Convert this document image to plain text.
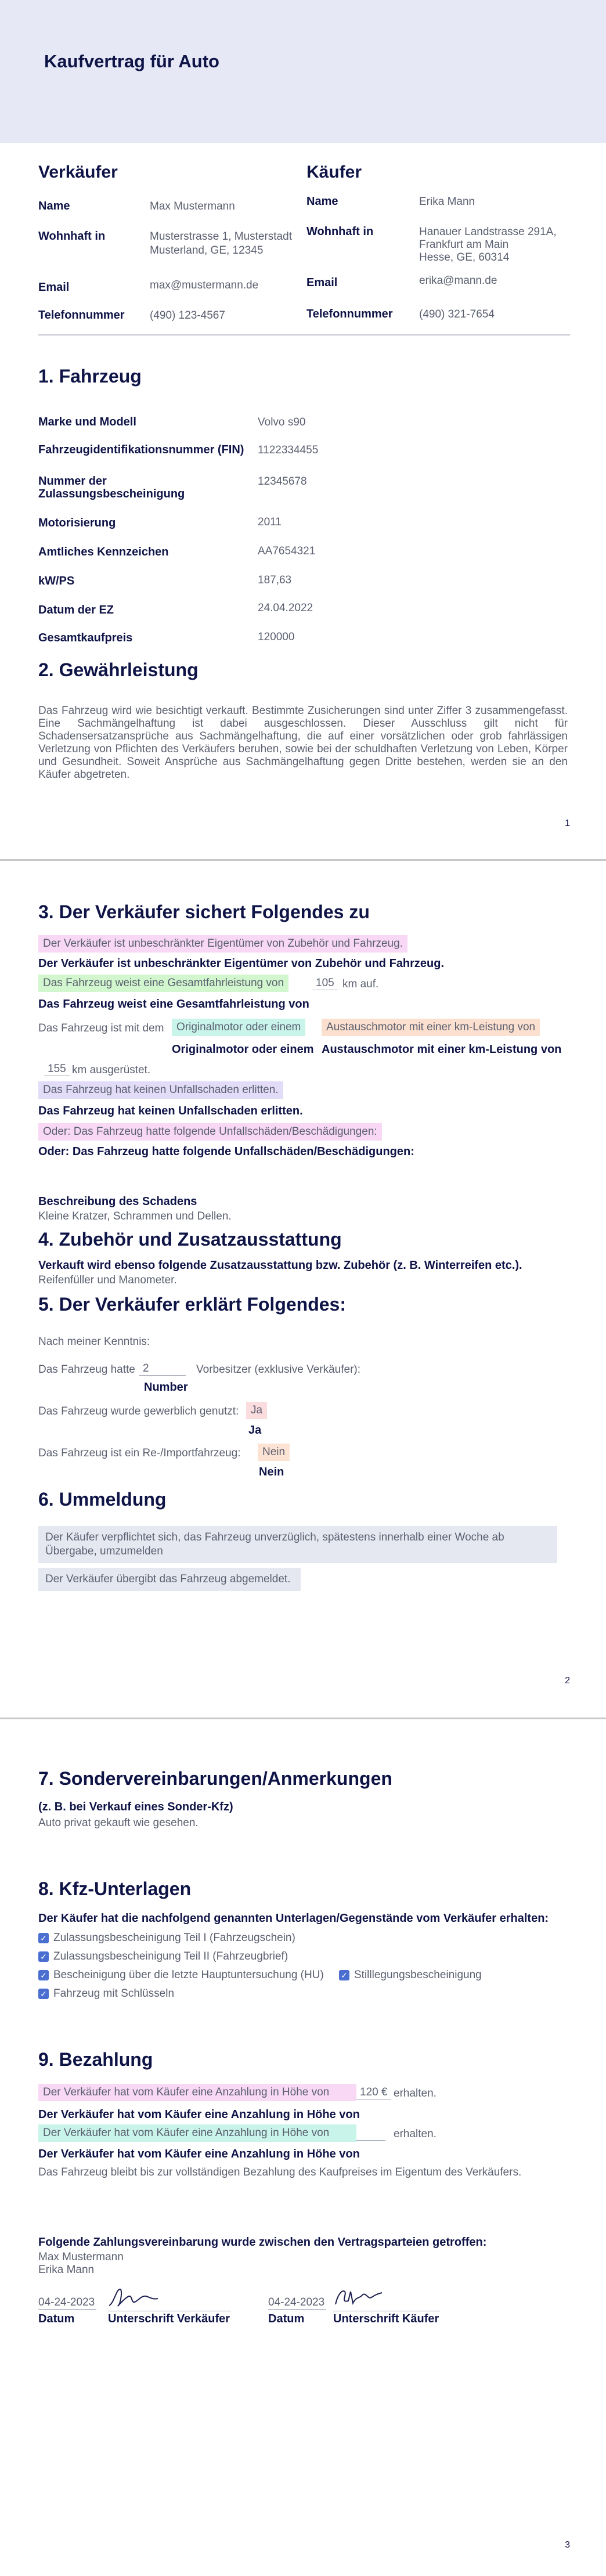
Kaufvertrag für Auto
Verkäufer
Name	Max Mustermann
Wohnhaft in	Musterstrasse 1, Musterstadt
Musterland, GE, 12345
Email	max@mustermann.de
Telefonnummer (490) 123-4567
Käufer
Name	Erika Mann
Wohnhaft in	Hanauer Landstrasse 291A,
Frankfurt am Main
Hesse, GE, 60314
Email	erika@mann.de
Telefonnummer (490) 321-7654
1. Fahrzeug
Marke und Modell	Volvo s90
Fahrzeugidentifikationsnummer (FIN) 1122334455
Nummer der
Zulassungsbescheinigung
12345678
Motorisierung	2011
Amtliches Kennzeichen	AA7654321
kW/PS	187,63
Datum der EZ	24.04.2022
Gesamtkaufpreis	120000
2. Gewährleistung
Das Fahrzeug wird wie besichtigt verkauft. Bestimmte Zusicherungen sind unter Ziffer 3 zusammengefasst. Eine Sachmängelhaftung ist dabei ausgeschlossen. Dieser Ausschluss gilt nicht für Schadensersatzansprüche aus Sachmängelhaftung, die auf einer vorsätzlichen oder grob fahrlässigen Verletzung von Pflichten des Verkäufers beruhen, sowie bei der schuldhaften Verletzung von Leben, Körper und Gesundheit. Soweit Ansprüche aus Sachmängelhaftung gegen Dritte bestehen, werden sie an den Käufer abgetreten.
1
3. Der Verkäufer sichert Folgendes zu
Der Verkäufer ist unbeschränkter Eigentümer von Zubehör und Fahrzeug.
Der Verkäufer ist unbeschränkter Eigentümer von Zubehör und Fahrzeug.
Das Fahrzeug weist eine Gesamtfahrleistung von	105 km auf.
Das Fahrzeug weist eine Gesamtfahrleistung von
Das Fahrzeug ist mit dem	Originalmotor oder einem	Austauschmotor mit einer km-Leistung von
Originalmotor oder einem Austauschmotor mit einer km-Leistung von
155 km ausgerüstet.
Das Fahrzeug hat keinen Unfallschaden erlitten.
Das Fahrzeug hat keinen Unfallschaden erlitten.
Oder: Das Fahrzeug hatte folgende Unfallschäden/Beschädigungen:
Oder: Das Fahrzeug hatte folgende Unfallschäden/Beschädigungen:
Beschreibung des Schadens
Kleine Kratzer, Schrammen und Dellen.
4. Zubehör und Zusatzausstattung
Verkauft wird ebenso folgende Zusatzausstattung bzw. Zubehör (z. B. Winterreifen etc.).
Reifenfüller und Manometer.
5. Der Verkäufer erklärt Folgendes:
Nach meiner Kenntnis:
Das Fahrzeug hatte 2	Vorbesitzer (exklusive Verkäufer):
Number
Das Fahrzeug wurde gewerblich genutzt:	Ja
Ja
Das Fahrzeug ist ein Re-/Importfahrzeug:	Nein
Nein
6. Ummeldung
Der Käufer verpflichtet sich, das Fahrzeug unverzüglich, spätestens innerhalb einer Woche ab Übergabe, umzumelden
Der Verkäufer übergibt das Fahrzeug abgemeldet.
2
7. Sondervereinbarungen/Anmerkungen
(z. B. bei Verkauf eines Sonder-Kfz)
Auto privat gekauft wie gesehen.
8. Kfz-Unterlagen
Der Käufer hat die nachfolgend genannten Unterlagen/Gegenstände vom Verkäufer erhalten:
✓ Zulassungsbescheinigung Teil I (Fahrzeugschein)
✓ Zulassungsbescheinigung Teil II (Fahrzeugbrief)
✓ Bescheinigung über die letzte Hauptuntersuchung (HU) ✓ Stilllegungsbescheinigung
✓ Fahrzeug mit Schlüsseln
9. Bezahlung
Der Verkäufer hat vom Käufer eine Anzahlung in Höhe von	120 € erhalten.
Der Verkäufer hat vom Käufer eine Anzahlung in Höhe von
Der Verkäufer hat vom Käufer eine Anzahlung in Höhe von	erhalten.
Der Verkäufer hat vom Käufer eine Anzahlung in Höhe von
Das Fahrzeug bleibt bis zur vollständigen Bezahlung des Kaufpreises im Eigentum des Verkäufers.
Folgende Zahlungsvereinbarung wurde zwischen den Vertragsparteien getroffen:
Max Mustermann
Erika Mann
04-24-2023
Datum	Unterschrift Verkäufer
04-24-2023
Datum Unterschrift Käufer
3
